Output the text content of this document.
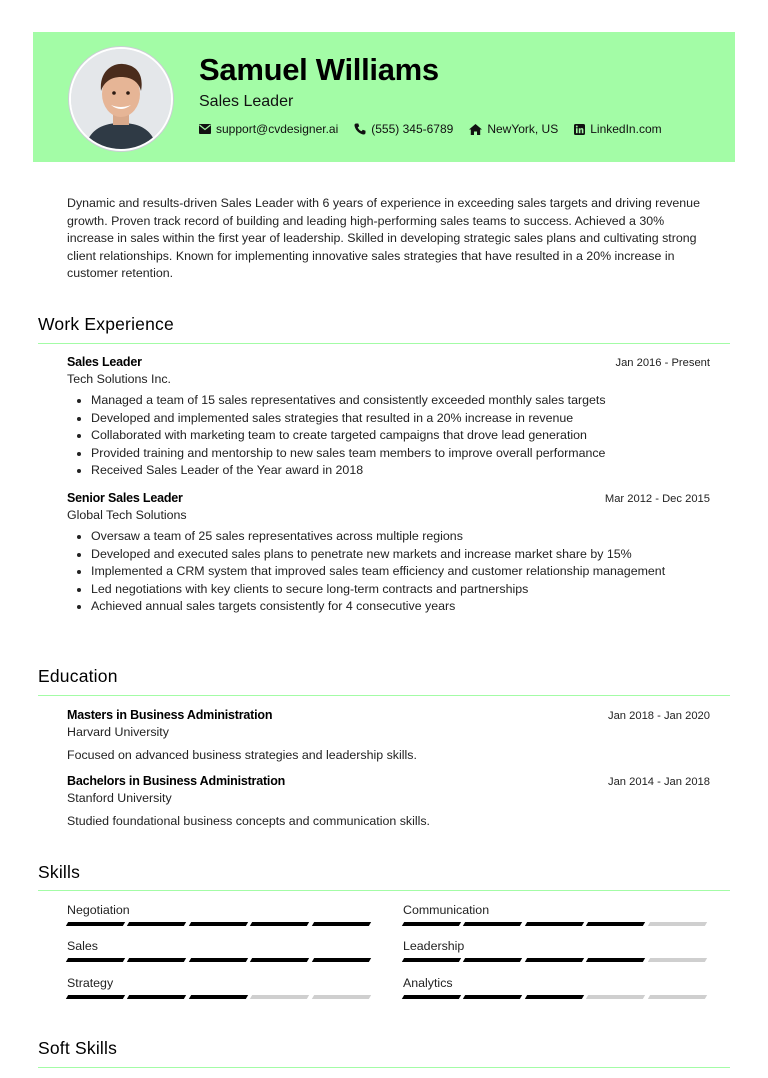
Samuel Williams
Sales Leader
support@cvdesigner.ai	(555) 345-6789	NewYork, US	LinkedIn.com
Dynamic and results-driven Sales Leader with 6 years of experience in exceeding sales targets and driving revenue growth. Proven track record of building and leading high-performing sales teams to success. Achieved a 30% increase in sales within the first year of leadership. Skilled in developing strategic sales plans and cultivating strong client relationships. Known for implementing innovative sales strategies that have resulted in a 20% increase in customer retention.
Work Experience
Sales Leader	Jan 2016 - Present
Tech Solutions Inc.
• Managed a team of 15 sales representatives and consistently exceeded monthly sales targets
• Developed and implemented sales strategies that resulted in a 20% increase in revenue
• Collaborated with marketing team to create targeted campaigns that drove lead generation
• Provided training and mentorship to new sales team members to improve overall performance
• Received Sales Leader of the Year award in 2018
Senior Sales Leader	Mar 2012 - Dec 2015
Global Tech Solutions
• Oversaw a team of 25 sales representatives across multiple regions
• Developed and executed sales plans to penetrate new markets and increase market share by 15%
• Implemented a CRM system that improved sales team efficiency and customer relationship management
• Led negotiations with key clients to secure long-term contracts and partnerships
• Achieved annual sales targets consistently for 4 consecutive years
Education
Masters in Business Administration	Jan 2018 - Jan 2020
Harvard University
Focused on advanced business strategies and leadership skills.
Bachelors in Business Administration	Jan 2014 - Jan 2018
Stanford University
Studied foundational business concepts and communication skills.
Skills
Negotiation	Communication
Sales	Leadership
Strategy	Analytics
Soft Skills
